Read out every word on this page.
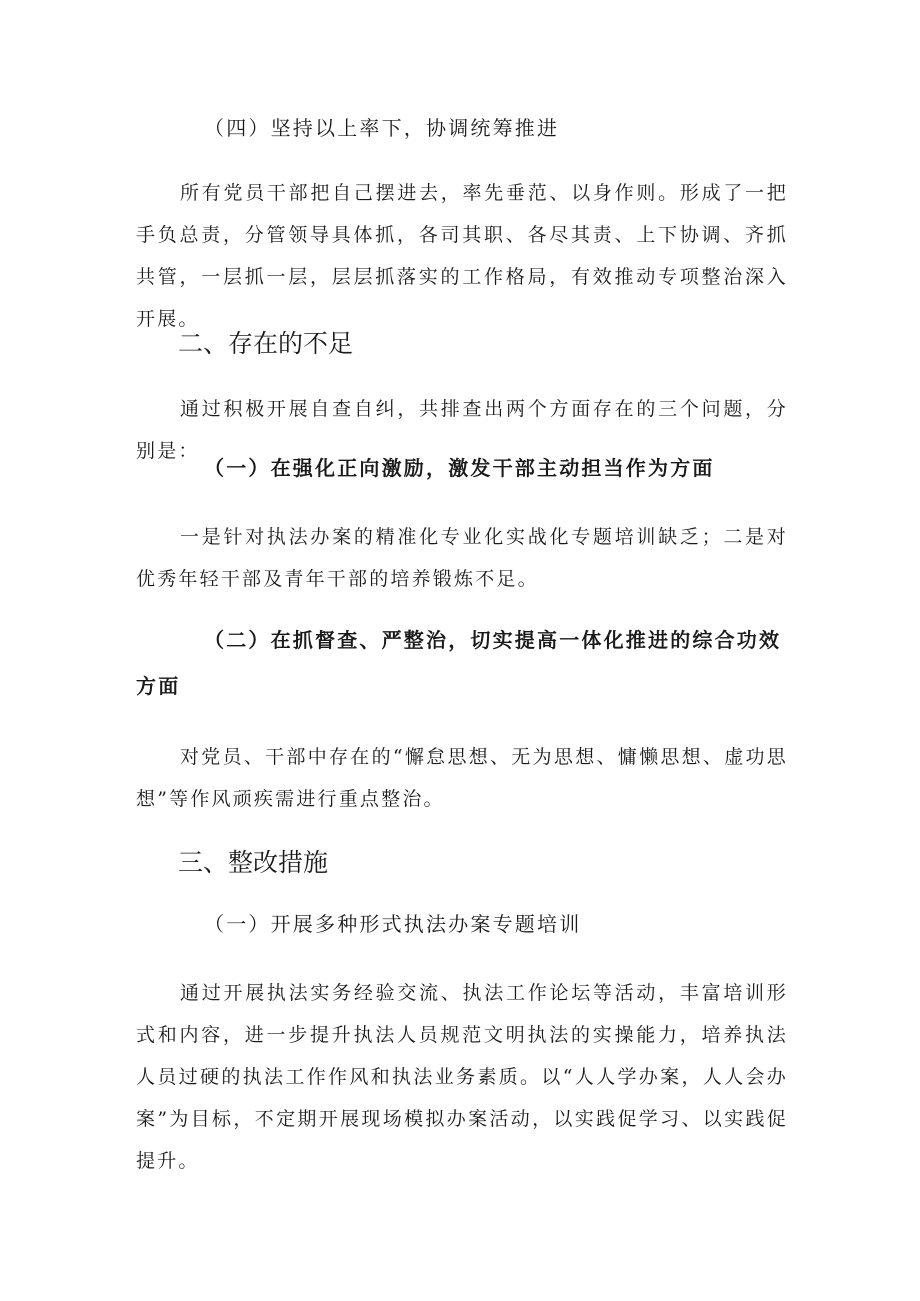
（四）坚持以上率下，协调统筹推进

所有党员干部把自己摆进去，率先垂范、以身作则。形成了一把手负总责，分管领导具体抓，各司其职、各尽其责、上下协调、齐抓共管，一层抓一层，层层抓落实的工作格局，有效推动专项整治深入开展。

二、存在的不足

通过积极开展自查自纠，共排查出两个方面存在的三个问题，分别是：

（一）在强化正向激励，激发干部主动担当作为方面

一是针对执法办案的精准化专业化实战化专题培训缺乏；二是对优秀年轻干部及青年干部的培养锻炼不足。

（二）在抓督查、严整治，切实提高一体化推进的综合功效方面

对党员、干部中存在的“懈怠思想、无为思想、慵懒思想、虚功思想”等作风顽疾需进行重点整治。

三、整改措施

（一）开展多种形式执法办案专题培训

通过开展执法实务经验交流、执法工作论坛等活动，丰富培训形式和内容，进一步提升执法人员规范文明执法的实操能力，培养执法人员过硬的执法工作作风和执法业务素质。以“人人学办案，人人会办案”为目标，不定期开展现场模拟办案活动，以实践促学习、以实践促提升。
